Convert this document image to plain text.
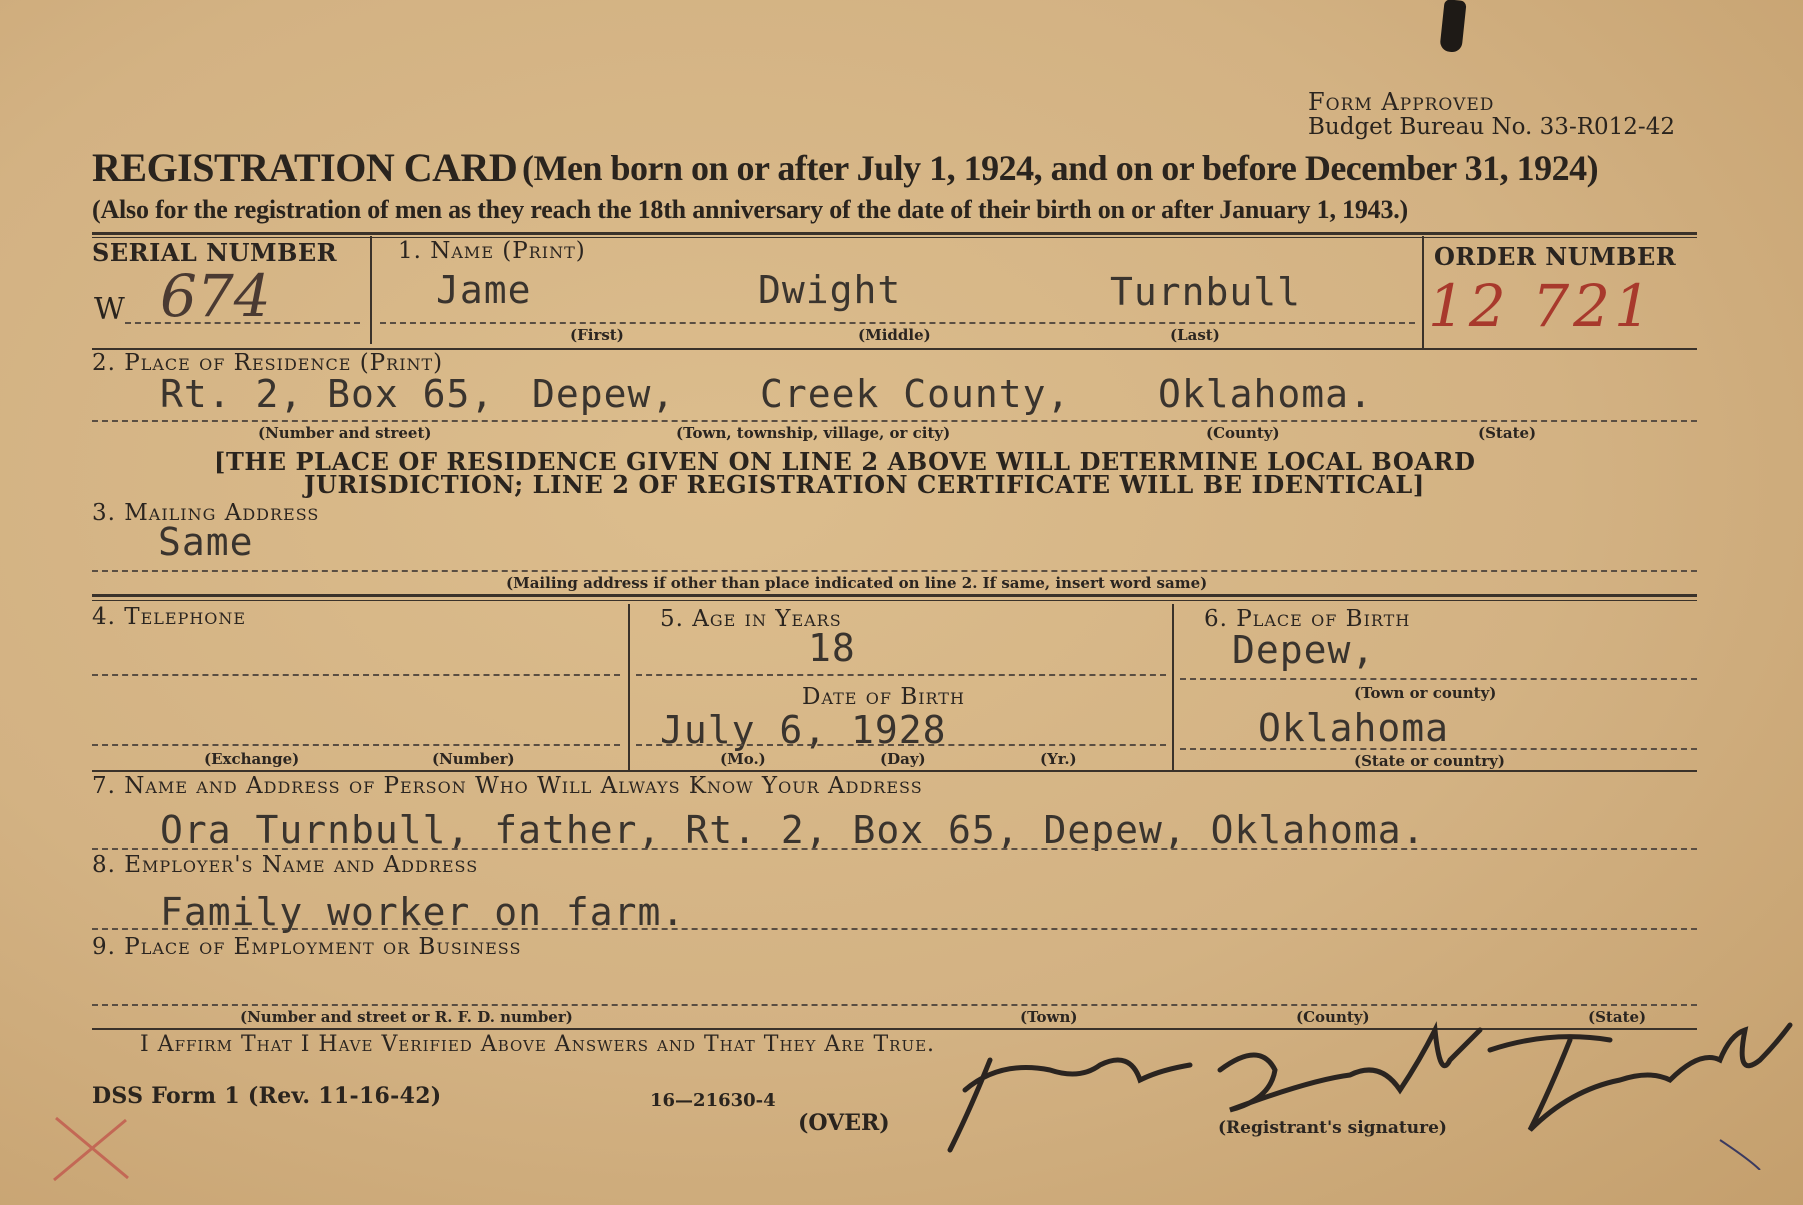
Form Approved
Budget Bureau No. 33-R012-42
REGISTRATION CARD (Men born on or after July 1, 1924, and on or before December 31, 1924)
(Also for the registration of men as they reach the 18th anniversary of the date of their birth on or after January 1, 1943.)
SERIAL NUMBER
W 674
1. Name (Print)
Jame	Dwight	Turnbull
(First)	(Middle)	(Last)
ORDER NUMBER
12 721
2. Place of Residence (Print)
Rt. 2, Box 65, Depew, Creek County, Oklahoma.
(Number and street)	(Town, township, village, or city)	(County)	(State)
[THE PLACE OF RESIDENCE GIVEN ON LINE 2 ABOVE WILL DETERMINE LOCAL BOARD
JURISDICTION; LINE 2 OF REGISTRATION CERTIFICATE WILL BE IDENTICAL]
3. Mailing Address
Same
(Mailing address if other than place indicated on line 2. If same, insert word same)
4. Telephone
(Exchange)	(Number)
5. Age in Years
18
Date of Birth
July 6, 1928
(Mo.)	(Day)	(Yr.)
6. Place of Birth
Depew,
(Town or county)
Oklahoma
(State or country)
7. Name and Address of Person Who Will Always Know Your Address
Ora Turnbull, father, Rt. 2, Box 65, Depew, Oklahoma.
8. Employer's Name and Address
Family worker on farm.
9. Place of Employment or Business
(Number and street or R. F. D. number)	(Town)	(County)	(State)
I Affirm That I Have Verified Above Answers and That They Are True.
DSS Form 1 (Rev. 11-16-42)	16—21630-4
(OVER)	(Registrant's signature)
